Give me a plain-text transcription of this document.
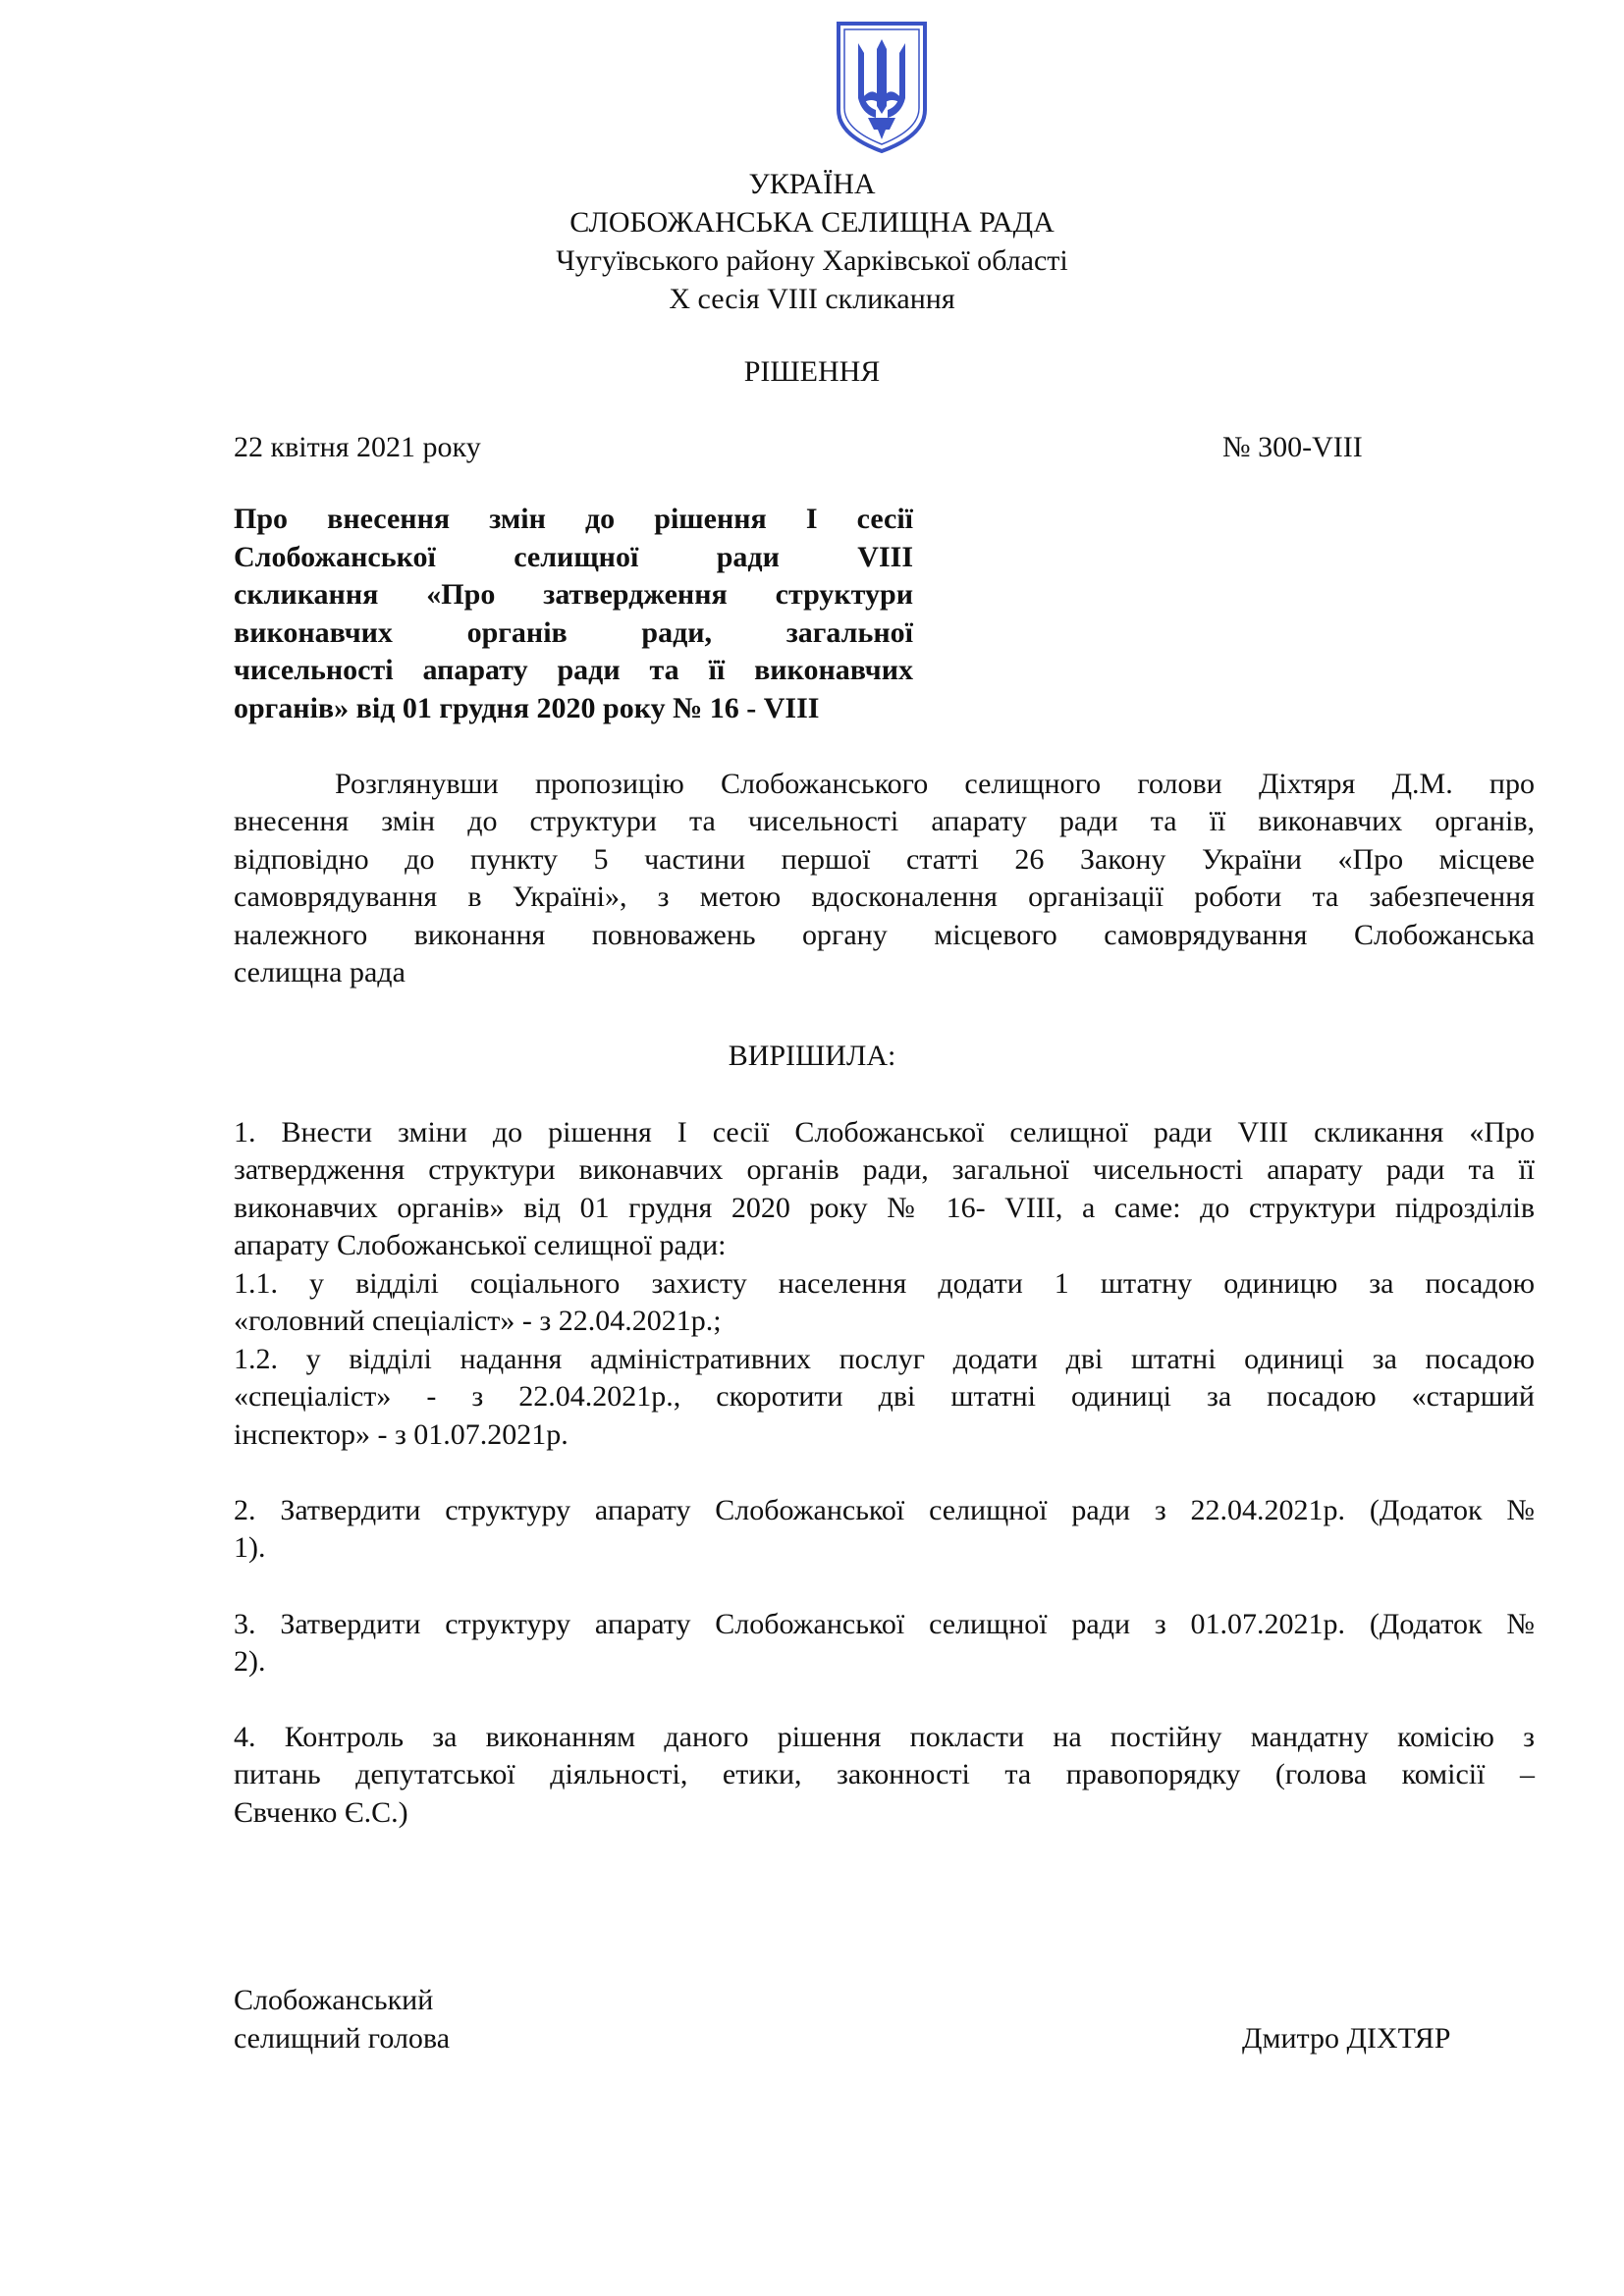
УКРАЇНА
СЛОБОЖАНСЬКА СЕЛИЩНА РАДА
Чугуївського району Харківської області
Х сесія VІІІ скликання
РІШЕННЯ
22 квітня 2021 року	№ 300-VІІІ
Про внесення змін до рішення І сесії
Слобожанської селищної ради VIII
скликання «Про затвердження структури
виконавчих органів ради, загальної
чисельності апарату ради та її виконавчих
органів» від 01 грудня 2020 року № 16 - VІІІ
Розглянувши пропозицію Слобожанського селищного голови Діхтяря Д.М. про
внесення змін до структури та чисельності апарату ради та її виконавчих органів,
відповідно до пункту 5 частини першої статті 26 Закону України «Про місцеве
самоврядування в Україні», з метою вдосконалення організації роботи та забезпечення
належного виконання повноважень органу місцевого самоврядування Слобожанська
селищна рада
ВИРІШИЛА:
1. Внести зміни до рішення І сесії Слобожанської селищної ради VIII скликання «Про
затвердження структури виконавчих органів ради, загальної чисельності апарату ради та її
виконавчих органів» від 01 грудня 2020 року № 16- VІІІ, а саме: до структури підрозділів
апарату Слобожанської селищної ради:
1.1. у відділі соціального захисту населення додати 1 штатну одиницю за посадою
«головний спеціаліст» - з 22.04.2021р.;
1.2. у відділі надання адміністративних послуг додати дві штатні одиниці за посадою
«спеціаліст» - з 22.04.2021р., скоротити дві штатні одиниці за посадою «старший
інспектор» - з 01.07.2021р.
2. Затвердити структуру апарату Слобожанської селищної ради з 22.04.2021р. (Додаток №
1).
3. Затвердити структуру апарату Слобожанської селищної ради з 01.07.2021р. (Додаток №
2).
4. Контроль за виконанням даного рішення покласти на постійну мандатну комісію з
питань депутатської діяльності, етики, законності та правопорядку (голова комісії –
Євченко Є.С.)
Слобожанський
селищний голова	Дмитро ДІХТЯР
